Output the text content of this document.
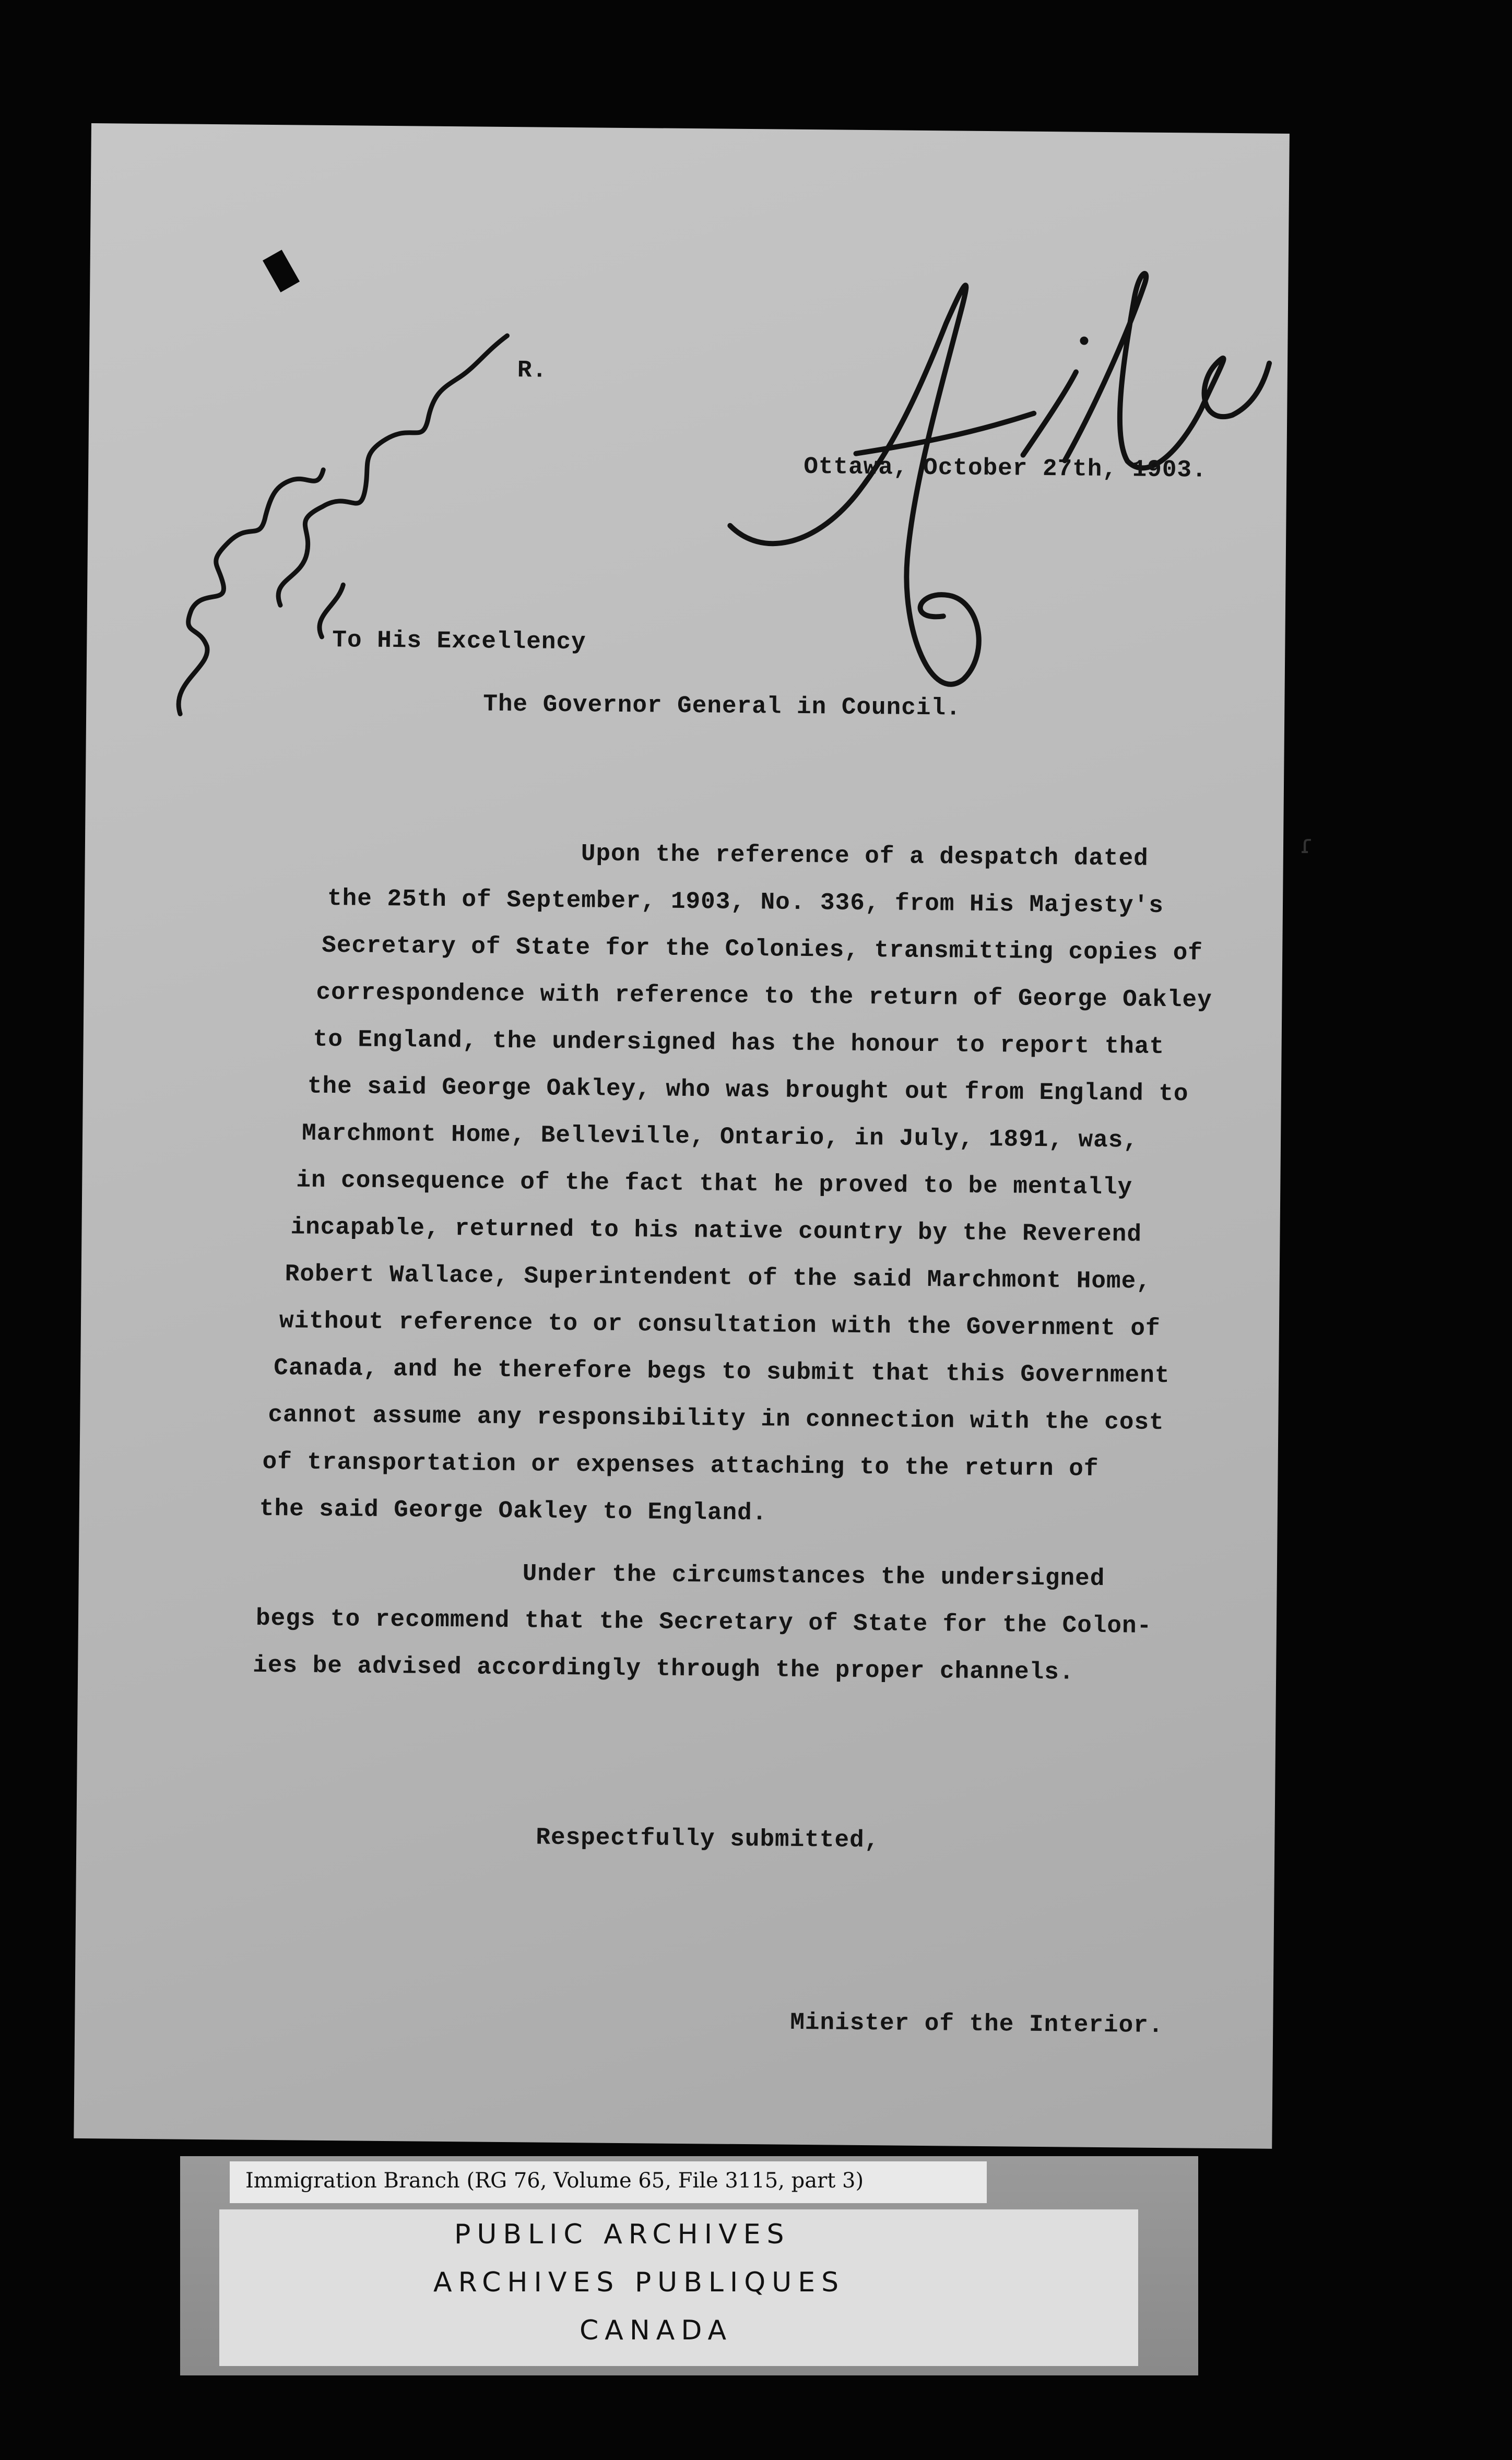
R.
Ottawa, October 27th, 1903.
To His Excellency
The Governor General in Council.
Upon the reference of a despatch dated
the 25th of September, 1903, No. 336, from His Majesty's
Secretary of State for the Colonies, transmitting copies of
correspondence with reference to the return of George Oakley
to England, the undersigned has the honour to report that
the said George Oakley, who was brought out from England to
Marchmont Home, Belleville, Ontario, in July, 1891, was,
in consequence of the fact that he proved to be mentally
incapable, returned to his native country by the Reverend
Robert Wallace, Superintendent of the said Marchmont Home,
without reference to or consultation with the Government of
Canada, and he therefore begs to submit that this Government
cannot assume any responsibility in connection with the cost
of transportation or expenses attaching to the return of
the said George Oakley to England.
Under the circumstances the undersigned
begs to recommend that the Secretary of State for the Colon-
ies be advised accordingly through the proper channels.
Respectfully submitted,
Minister of the Interior.
ɾ
Immigration Branch (RG 76, Volume 65, File 3115, part 3)
PUBLIC ARCHIVES
ARCHIVES PUBLIQUES
CANADA
